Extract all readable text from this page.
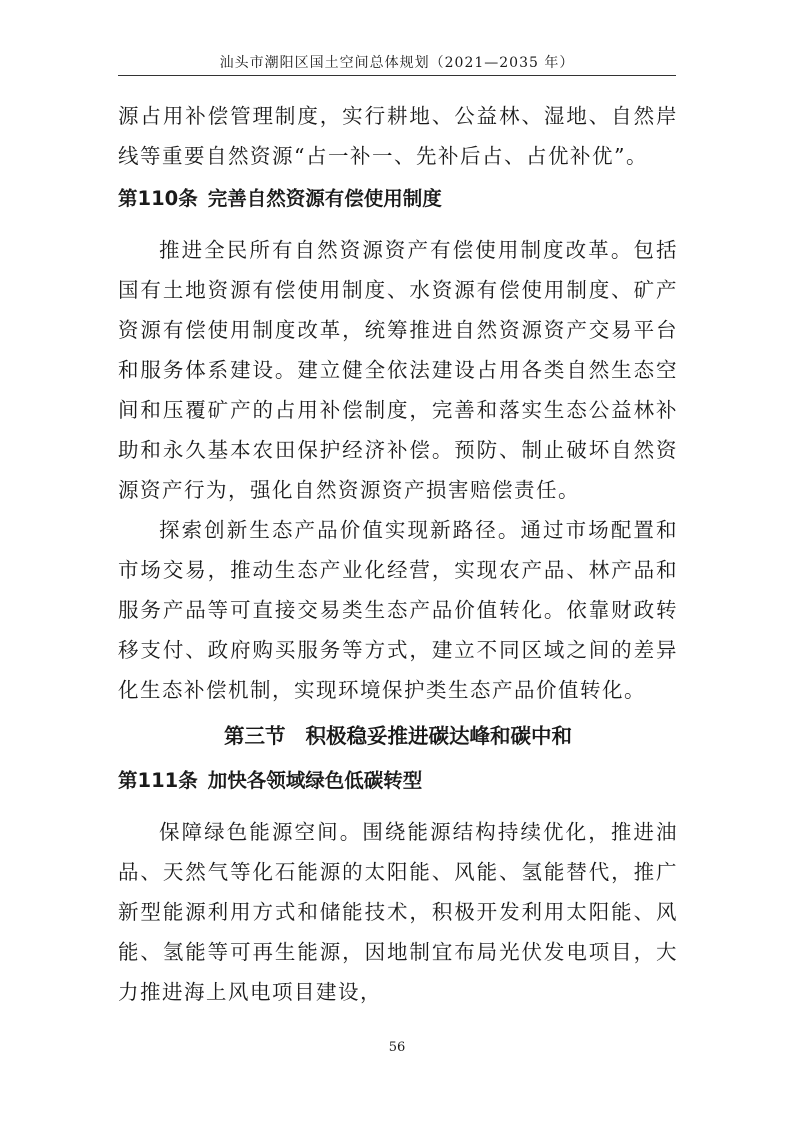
汕头市潮阳区国土空间总体规划（2021—2035 年）

源占用补偿管理制度，实行耕地、公益林、湿地、自然岸线等重要自然资源“占一补一、先补后占、占优补优”。

第110条 完善自然资源有偿使用制度

推进全民所有自然资源资产有偿使用制度改革。包括国有土地资源有偿使用制度、水资源有偿使用制度、矿产资源有偿使用制度改革，统筹推进自然资源资产交易平台和服务体系建设。建立健全依法建设占用各类自然生态空间和压覆矿产的占用补偿制度，完善和落实生态公益林补助和永久基本农田保护经济补偿。预防、制止破坏自然资源资产行为，强化自然资源资产损害赔偿责任。

探索创新生态产品价值实现新路径。通过市场配置和市场交易，推动生态产业化经营，实现农产品、林产品和服务产品等可直接交易类生态产品价值转化。依靠财政转移支付、政府购买服务等方式，建立不同区域之间的差异化生态补偿机制，实现环境保护类生态产品价值转化。

第三节 积极稳妥推进碳达峰和碳中和
第111条 加快各领域绿色低碳转型

保障绿色能源空间。围绕能源结构持续优化，推进油品、天然气等化石能源的太阳能、风能、氢能替代，推广新型能源利用方式和储能技术，积极开发利用太阳能、风能、氢能等可再生能源，因地制宜布局光伏发电项目，大力推进海上风电项目建设，

56
